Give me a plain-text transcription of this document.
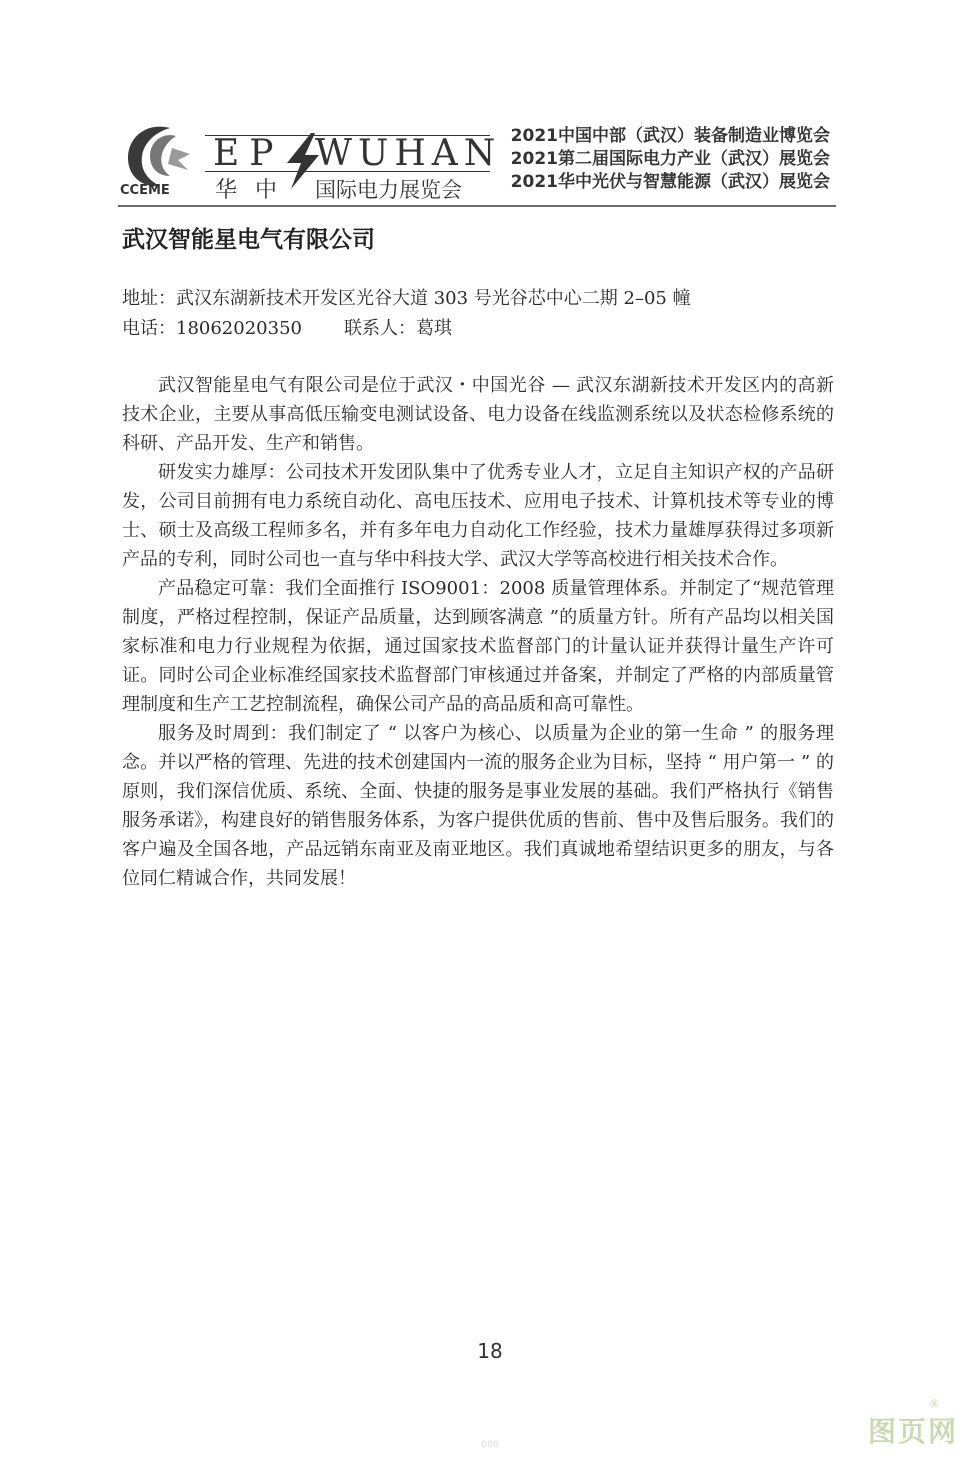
CCEME
EP WUHAN
华中 国际电力展览会
2021中国中部（武汉）装备制造业博览会
2021第二届国际电力产业（武汉）展览会
2021华中光伏与智慧能源（武汉）展览会
武汉智能星电气有限公司
地址：武汉东湖新技术开发区光谷大道 303 号光谷芯中心二期 2–05 幢
电话：18062020350 联系人：葛琪

武汉智能星电气有限公司是位于武汉・中国光谷 — 武汉东湖新技术开发区内的高新技术企业，主要从事高低压输变电测试设备、电力设备在线监测系统以及状态检修系统的科研、产品开发、生产和销售。

研发实力雄厚：公司技术开发团队集中了优秀专业人才，立足自主知识产权的产品研发，公司目前拥有电力系统自动化、高电压技术、应用电子技术、计算机技术等专业的博士、硕士及高级工程师多名，并有多年电力自动化工作经验，技术力量雄厚获得过多项新产品的专利，同时公司也一直与华中科技大学、武汉大学等高校进行相关技术合作。

产品稳定可靠：我们全面推行 ISO9001：2008 质量管理体系。并制定了“规范管理制度，严格过程控制，保证产品质量，达到顾客满意 ”的质量方针。所有产品均以相关国家标准和电力行业规程为依据，通过国家技术监督部门的计量认证并获得计量生产许可证。同时公司企业标准经国家技术监督部门审核通过并备案，并制定了严格的内部质量管理制度和生产工艺控制流程，确保公司产品的高品质和高可靠性。

服务及时周到：我们制定了 “ 以客户为核心、以质量为企业的第一生命 ” 的服务理念。并以严格的管理、先进的技术创建国内一流的服务企业为目标，坚持 “ 用户第一 ” 的原则，我们深信优质、系统、全面、快捷的服务是事业发展的基础。我们严格执行《销售服务承诺》，构建良好的销售服务体系，为客户提供优质的售前、售中及售后服务。我们的客户遍及全国各地，产品远销东南亚及南亚地区。我们真诚地希望结识更多的朋友，与各位同仁精诚合作，共同发展！

18
®
图页网
000
